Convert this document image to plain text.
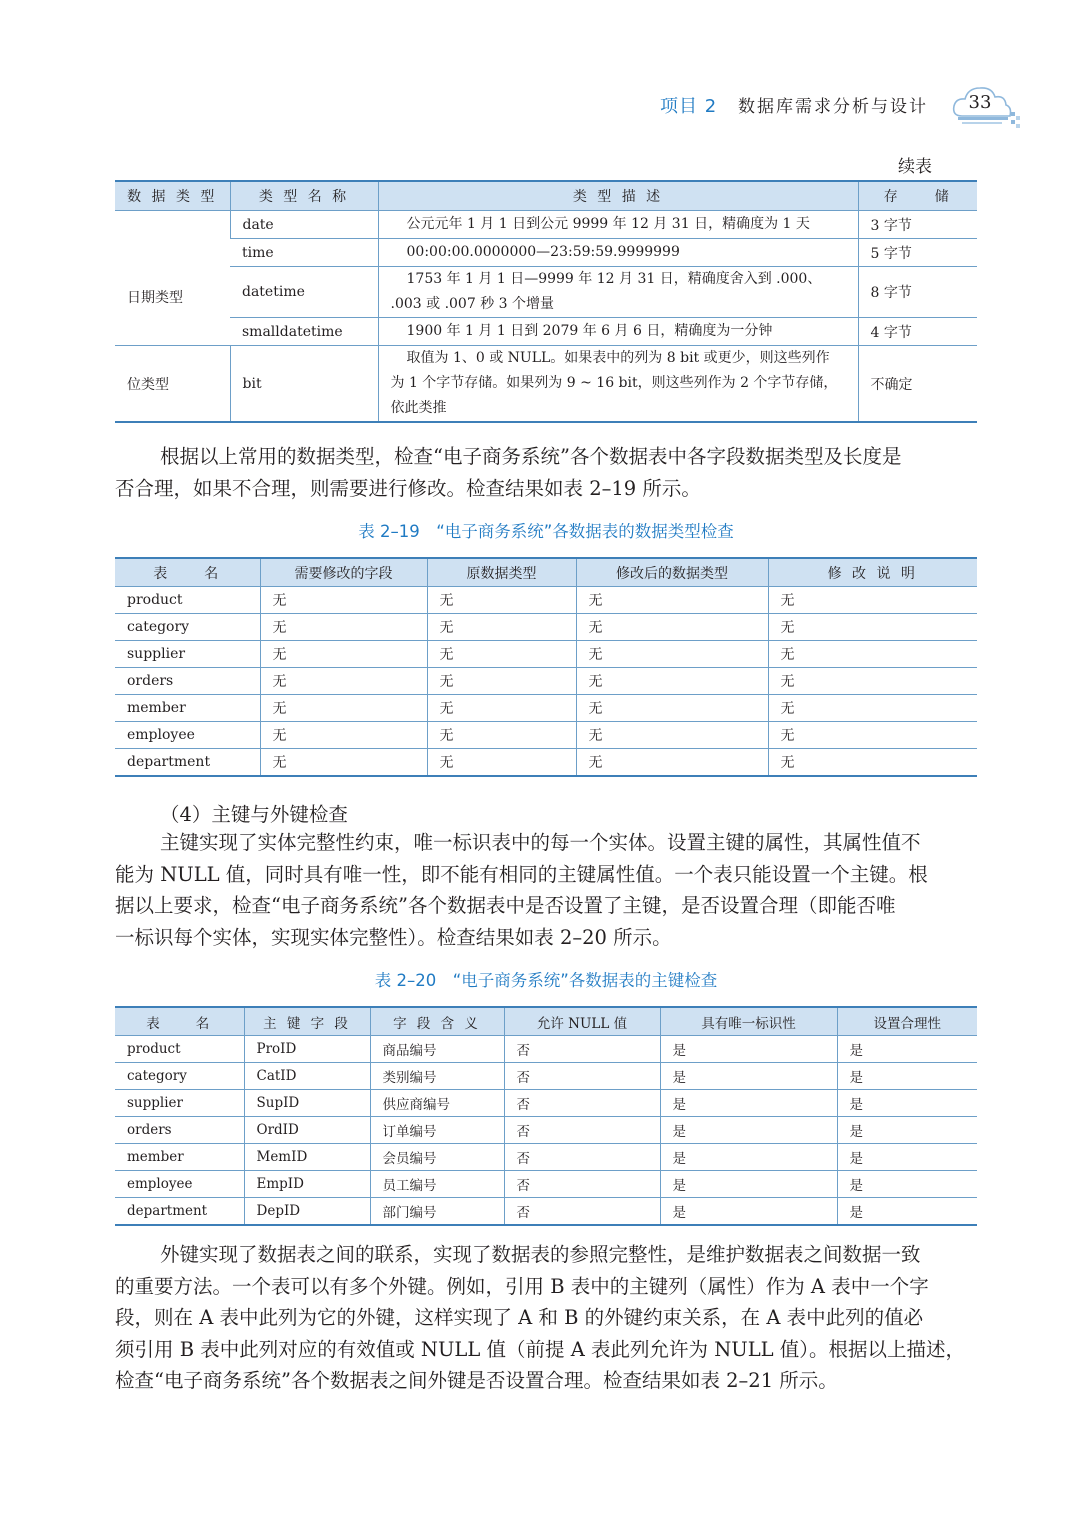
项目 2 数据库需求分析与设计	33
续表
数 据 类 型	类 型 名 称	类 型 描 述	存　　储

日期类型	date	公元元年 1 月 1 日到公元 9999 年 12 月 31 日，精确度为 1 天	3 字节
	time	00:00:00.0000000—23:59:59.9999999	5 字节
	datetime	1753 年 1 月 1 日—9999 年 12 月 31 日，精确度舍入到 .000、
.003 或 .007 秒 3 个增量	8 字节
	smalldatetime	1900 年 1 月 1 日到 2079 年 6 月 6 日，精确度为一分钟	4 字节
位类型	bit	取值为 1、0 或 NULL。如果表中的列为 8 bit 或更少，则这些列作
为 1 个字节存储。如果列为 9 ~ 16 bit，则这些列作为 2 个字节存储，
依此类推	不确定
根据以上常用的数据类型，检查“电子商务系统”各个数据表中各字段数据类型及长度是
否合理，如果不合理，则需要进行修改。检查结果如表 2–19 所示。
表 2–19　“电子商务系统”各数据表的数据类型检查
表　　名	需要修改的字段	原数据类型	修改后的数据类型	修 改 说 明
product	无	无	无	无
category	无	无	无	无
supplier	无	无	无	无
orders	无	无	无	无
member	无	无	无	无
employee	无	无	无	无
department	无	无	无	无
（4）主键与外键检查
主键实现了实体完整性约束，唯一标识表中的每一个实体。设置主键的属性，其属性值不
能为 NULL 值，同时具有唯一性，即不能有相同的主键属性值。一个表只能设置一个主键。根
据以上要求，检查“电子商务系统”各个数据表中是否设置了主键，是否设置合理（即能否唯
一标识每个实体，实现实体完整性）。检查结果如表 2–20 所示。
表 2–20　“电子商务系统”各数据表的主键检查
表　　名	主 键 字 段	字 段 含 义	允许 NULL 值	具有唯一标识性	设置合理性
product	ProID	商品编号	否	是	是
category	CatID	类别编号	否	是	是
supplier	SupID	供应商编号	否	是	是
orders	OrdID	订单编号	否	是	是
member	MemID	会员编号	否	是	是
employee	EmpID	员工编号	否	是	是
department	DepID	部门编号	否	是	是
外键实现了数据表之间的联系，实现了数据表的参照完整性，是维护数据表之间数据一致
的重要方法。一个表可以有多个外键。例如，引用 B 表中的主键列（属性）作为 A 表中一个字
段，则在 A 表中此列为它的外键，这样实现了 A 和 B 的外键约束关系，在 A 表中此列的值必
须引用 B 表中此列对应的有效值或 NULL 值（前提 A 表此列允许为 NULL 值）。根据以上描述，
检查“电子商务系统”各个数据表之间外键是否设置合理。检查结果如表 2–21 所示。
